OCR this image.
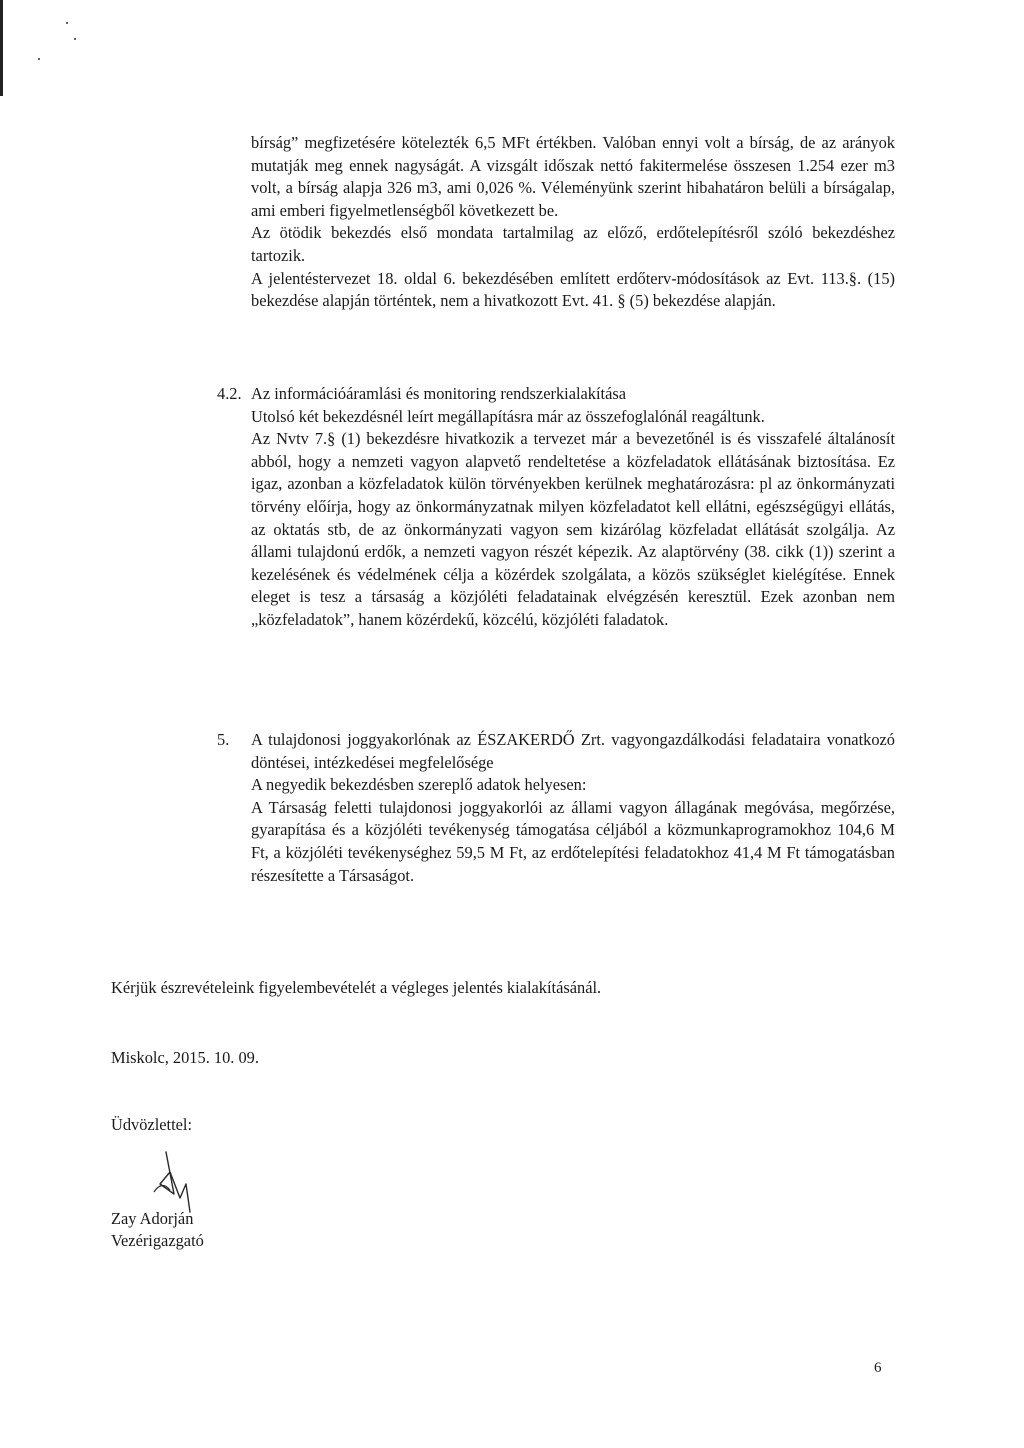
bírság” megfizetésére kötelezték 6,5 MFt értékben. Valóban ennyi volt a bírság, de az arányok mutatják meg ennek nagyságát. A vizsgált időszak nettó fakitermelése összesen 1.254 ezer m3 volt, a bírság alapja 326 m3, ami 0,026 %. Véleményünk szerint hibahatáron belüli a bírságalap, ami emberi figyelmetlenségből következett be.

Az ötödik bekezdés első mondata tartalmilag az előző, erdőtelepítésről szóló bekezdéshez tartozik.

A jelentéstervezet 18. oldal 6. bekezdésében említett erdőterv-módosítások az Evt. 113.§. (15) bekezdése alapján történtek, nem a hivatkozott Evt. 41. § (5) bekezdése alapján.

4.2. Az információáramlási és monitoring rendszerkialakítása

Utolsó két bekezdésnél leírt megállapításra már az összefoglalónál reagáltunk.

Az Nvtv 7.§ (1) bekezdésre hivatkozik a tervezet már a bevezetőnél is és visszafelé általánosít abból, hogy a nemzeti vagyon alapvető rendeltetése a közfeladatok ellátásának biztosítása. Ez igaz, azonban a közfeladatok külön törvényekben kerülnek meghatározásra: pl az önkormányzati törvény előírja, hogy az önkormányzatnak milyen közfeladatot kell ellátni, egészségügyi ellátás, az oktatás stb, de az önkormányzati vagyon sem kizárólag közfeladat ellátását szolgálja. Az állami tulajdonú erdők, a nemzeti vagyon részét képezik. Az alaptörvény (38. cikk (1)) szerint a kezelésének és védelmének célja a közérdek szolgálata, a közös szükséglet kielégítése. Ennek eleget is tesz a társaság a közjóléti feladatainak elvégzésén keresztül. Ezek azonban nem „közfeladatok”, hanem közérdekű, közcélú, közjóléti faladatok.

5. A tulajdonosi joggyakorlónak az ÉSZAKERDŐ Zrt. vagyongazdálkodási feladataira vonatkozó döntései, intézkedései megfelelősége

A negyedik bekezdésben szereplő adatok helyesen:

A Társaság feletti tulajdonosi joggyakorlói az állami vagyon állagának megóvása, megőrzése, gyarapítása és a közjóléti tevékenység támogatása céljából a közmunkaprogramokhoz 104,6 M Ft, a közjóléti tevékenységhez 59,5 M Ft, az erdőtelepítési feladatokhoz 41,4 M Ft támogatásban részesítette a Társaságot.

Kérjük észrevételeink figyelembevételét a végleges jelentés kialakításánál.
Miskolc, 2015. 10. 09.
Üdvözlettel:
Zay Adorján
Vezérigazgató
6
